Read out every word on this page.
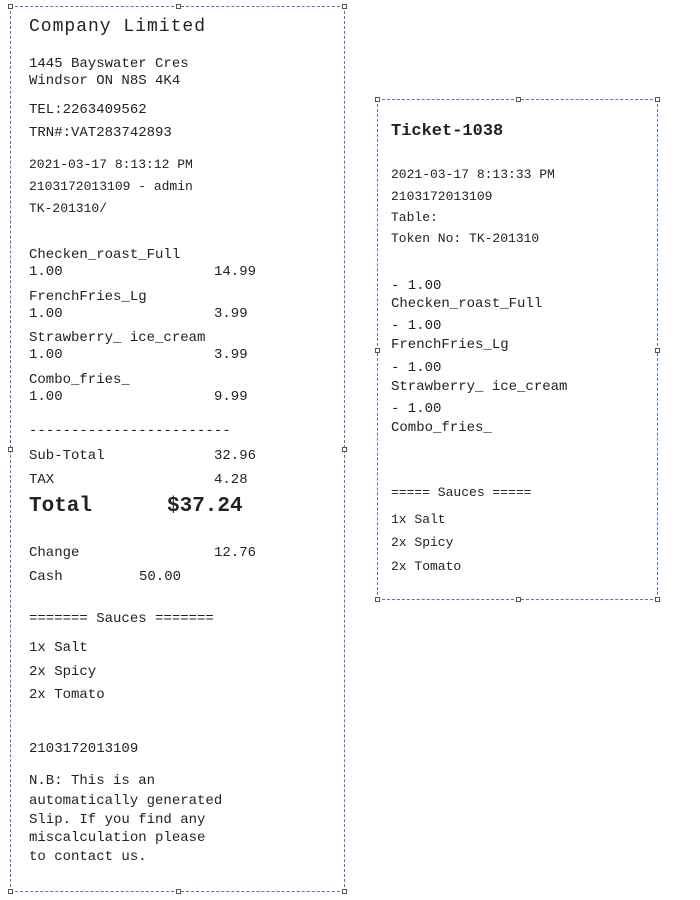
Company Limited
1445 Bayswater Cres
Windsor ON N8S 4K4
TEL:2263409562
TRN#:VAT283742893
2021-03-17 8:13:12 PM
2103172013109 - admin
TK-201310/
Checken_roast_Full
1.00	14.99
FrenchFries_Lg
1.00	3.99
Strawberry_ ice_cream
1.00	3.99
Combo_fries_
1.00	9.99
------------------------
Sub-Total	32.96
TAX	4.28
Total	$37.24
Change	12.76
Cash	50.00
======= Sauces =======
1x Salt
2x Spicy
2x Tomato
2103172013109
N.B: This is an
automatically generated
Slip. If you find any
miscalculation please
to contact us.
Ticket-1038
2021-03-17 8:13:33 PM
2103172013109
Table:
Token No: TK-201310
- 1.00
Checken_roast_Full
- 1.00
FrenchFries_Lg
- 1.00
Strawberry_ ice_cream
- 1.00
Combo_fries_
===== Sauces =====
1x Salt
2x Spicy
2x Tomato
